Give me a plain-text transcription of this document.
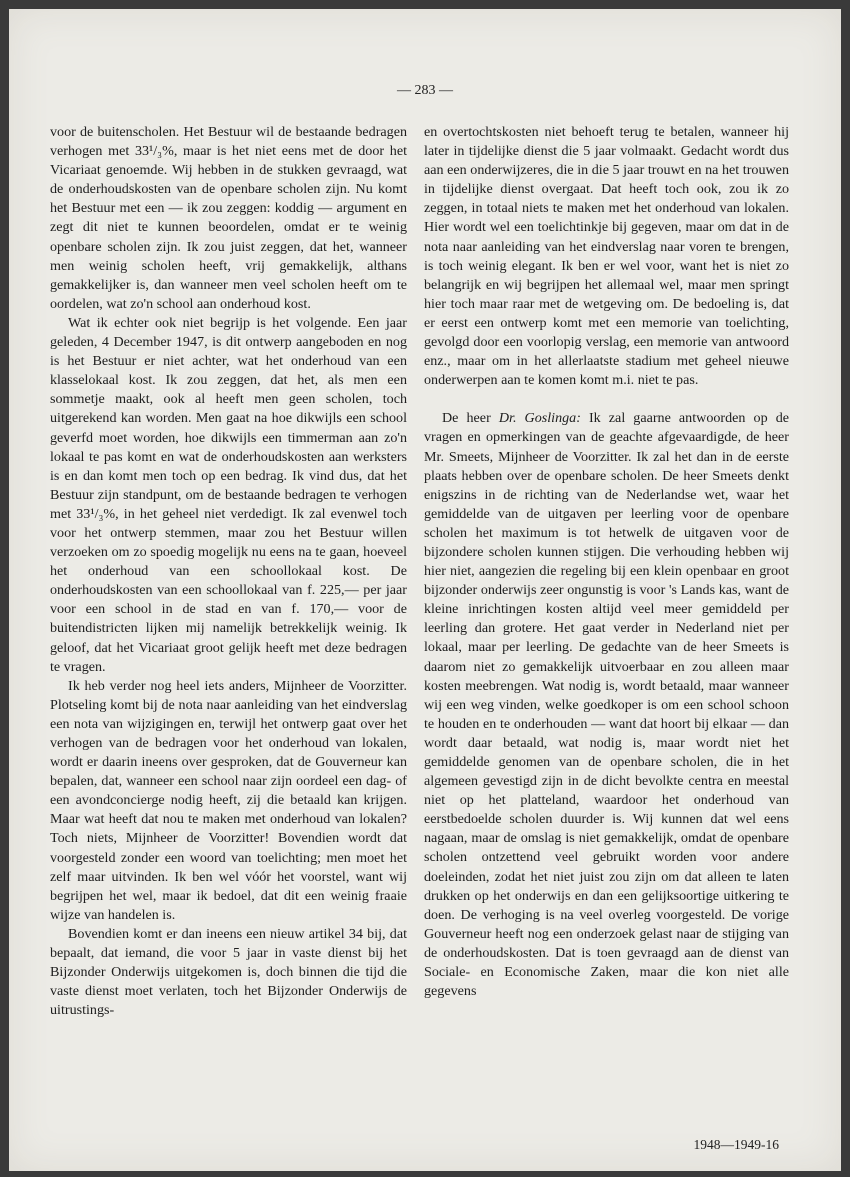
— 283 —

voor de buitenscholen. Het Bestuur wil de bestaande bedragen verhogen met 33¹/₃%, maar is het niet eens met de door het Vicariaat genoemde. Wij hebben in de stukken gevraagd, wat de onderhoudskosten van de openbare scholen zijn. Nu komt het Bestuur met een — ik zou zeggen: koddig — argument en zegt dit niet te kunnen beoordelen, omdat er te weinig openbare scholen zijn. Ik zou juist zeggen, dat het, wanneer men weinig scholen heeft, vrij gemakkelijk, althans gemakkelijker is, dan wanneer men veel scholen heeft om te oordelen, wat zo'n school aan onderhoud kost.

Wat ik echter ook niet begrijp is het volgende. Een jaar geleden, 4 December 1947, is dit ontwerp aangeboden en nog is het Bestuur er niet achter, wat het onderhoud van een klasselokaal kost. Ik zou zeggen, dat het, als men een sommetje maakt, ook al heeft men geen scholen, toch uitgerekend kan worden. Men gaat na hoe dikwijls een school geverfd moet worden, hoe dikwijls een timmerman aan zo'n lokaal te pas komt en wat de onderhoudskosten aan werksters is en dan komt men toch op een bedrag. Ik vind dus, dat het Bestuur zijn standpunt, om de bestaande bedragen te verhogen met 33¹/₃%, in het geheel niet verdedigt. Ik zal evenwel toch voor het ontwerp stemmen, maar zou het Bestuur willen verzoeken om zo spoedig mogelijk nu eens na te gaan, hoeveel het onderhoud van een schoollokaal kost. De onderhoudskosten van een schoollokaal van f. 225,— per jaar voor een school in de stad en van f. 170,— voor de buitendistricten lijken mij namelijk betrekkelijk weinig. Ik geloof, dat het Vicariaat groot gelijk heeft met deze bedragen te vragen.

Ik heb verder nog heel iets anders, Mijnheer de Voorzitter. Plotseling komt bij de nota naar aanleiding van het eindverslag een nota van wijzigingen en, terwijl het ontwerp gaat over het verhogen van de bedragen voor het onderhoud van lokalen, wordt er daarin ineens over gesproken, dat de Gouverneur kan bepalen, dat, wanneer een school naar zijn oordeel een dag- of een avondconcierge nodig heeft, zij die betaald kan krijgen. Maar wat heeft dat nou te maken met onderhoud van lokalen? Toch niets, Mijnheer de Voorzitter! Bovendien wordt dat voorgesteld zonder een woord van toelichting; men moet het zelf maar uitvinden. Ik ben wel vóór het voorstel, want wij begrijpen het wel, maar ik bedoel, dat dit een weinig fraaie wijze van handelen is.

Bovendien komt er dan ineens een nieuw artikel 34 bij, dat bepaalt, dat iemand, die voor 5 jaar in vaste dienst bij het Bijzonder Onderwijs uitgekomen is, doch binnen die tijd die vaste dienst moet verlaten, toch het Bijzonder Onderwijs de uitrustings-

en overtochtskosten niet behoeft terug te betalen, wanneer hij later in tijdelijke dienst die 5 jaar volmaakt. Gedacht wordt dus aan een onderwijzeres, die in die 5 jaar trouwt en na het trouwen in tijdelijke dienst overgaat. Dat heeft toch ook, zou ik zo zeggen, in totaal niets te maken met het onderhoud van lokalen. Hier wordt wel een toelichtinkje bij gegeven, maar om dat in de nota naar aanleiding van het eindverslag naar voren te brengen, is toch weinig elegant. Ik ben er wel voor, want het is niet zo belangrijk en wij begrijpen het allemaal wel, maar men springt hier toch maar raar met de wetgeving om. De bedoeling is, dat er eerst een ontwerp komt met een memorie van toelichting, gevolgd door een voorlopig verslag, een memorie van antwoord enz., maar om in het allerlaatste stadium met geheel nieuwe onderwerpen aan te komen komt m.i. niet te pas.

De heer Dr. Goslinga: Ik zal gaarne antwoorden op de vragen en opmerkingen van de geachte afgevaardigde, de heer Mr. Smeets, Mijnheer de Voorzitter. Ik zal het dan in de eerste plaats hebben over de openbare scholen. De heer Smeets denkt enigszins in de richting van de Nederlandse wet, waar het gemiddelde van de uitgaven per leerling voor de openbare scholen het maximum is tot hetwelk de uitgaven voor de bijzondere scholen kunnen stijgen. Die verhouding hebben wij hier niet, aangezien die regeling bij een klein openbaar en groot bijzonder onderwijs zeer ongunstig is voor 's Lands kas, want de kleine inrichtingen kosten altijd veel meer gemiddeld per leerling dan grotere. Het gaat verder in Nederland niet per lokaal, maar per leerling. De gedachte van de heer Smeets is daarom niet zo gemakkelijk uitvoerbaar en zou alleen maar kosten meebrengen. Wat nodig is, wordt betaald, maar wanneer wij een weg vinden, welke goedkoper is om een school schoon te houden en te onderhouden — want dat hoort bij elkaar — dan wordt daar betaald, wat nodig is, maar wordt niet het gemiddelde genomen van de openbare scholen, die in het algemeen gevestigd zijn in de dicht bevolkte centra en meestal niet op het platteland, waardoor het onderhoud van eerstbedoelde scholen duurder is. Wij kunnen dat wel eens nagaan, maar de omslag is niet gemakkelijk, omdat de openbare scholen ontzettend veel gebruikt worden voor andere doeleinden, zodat het niet juist zou zijn om dat alleen te laten drukken op het onderwijs en dan een gelijksoortige uitkering te doen. De verhoging is na veel overleg voorgesteld. De vorige Gouverneur heeft nog een onderzoek gelast naar de stijging van de onderhoudskosten. Dat is toen gevraagd aan de dienst van Sociale- en Economische Zaken, maar die kon niet alle gegevens

1948—1949-16
